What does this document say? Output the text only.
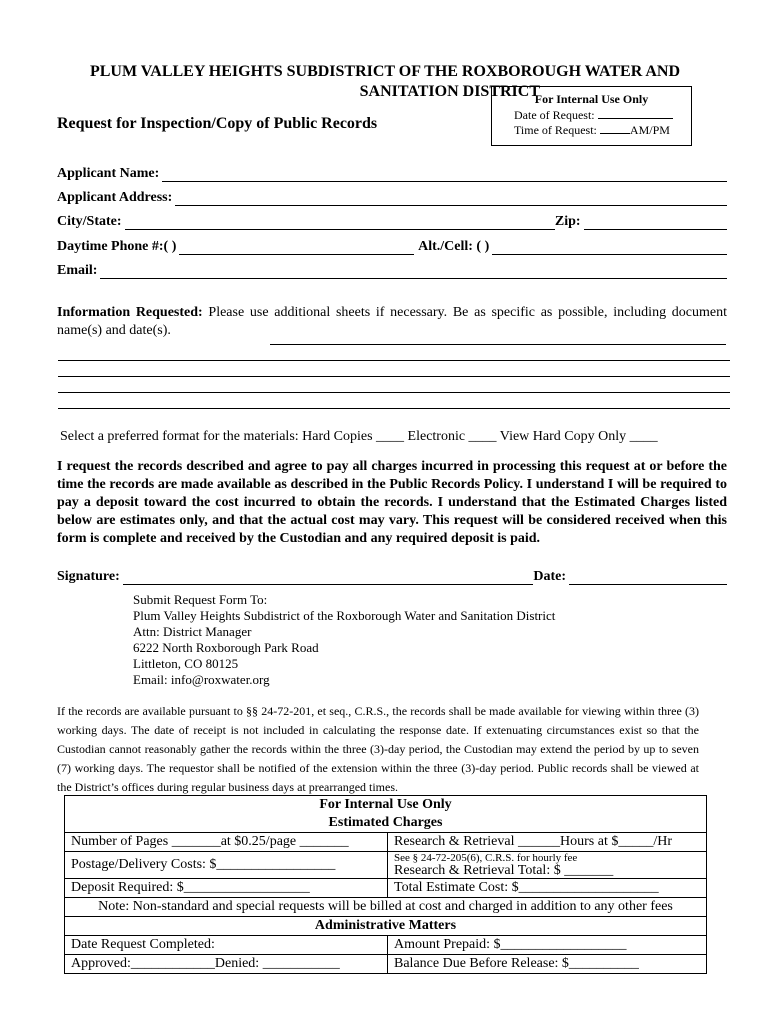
PLUM VALLEY HEIGHTS SUBDISTRICT OF THE ROXBOROUGH WATER AND
SANITATION DISTRICT
Request for Inspection/Copy of Public Records
For Internal Use Only
Date of Request:
Time of Request:	AM/PM
Applicant Name:
Applicant Address:
City/State:	Zip:
Daytime Phone #:( )	Alt./Cell: ( )
Email:
Information Requested: Please use additional sheets if necessary. Be as specific as possible, including document name(s) and date(s).
Select a preferred format for the materials: Hard Copies ____ Electronic ____ View Hard Copy Only ____
I request the records described and agree to pay all charges incurred in processing this request at or before the time the records are made available as described in the Public Records Policy. I understand I will be required to pay a deposit toward the cost incurred to obtain the records. I understand that the Estimated Charges listed below are estimates only, and that the actual cost may vary. This request will be considered received when this form is complete and received by the Custodian and any required deposit is paid.
Signature:	Date:
Submit Request Form To:
Plum Valley Heights Subdistrict of the Roxborough Water and Sanitation District
Attn: District Manager
6222 North Roxborough Park Road
Littleton, CO 80125
Email: info@roxwater.org
If the records are available pursuant to §§ 24-72-201, et seq., C.R.S., the records shall be made available for viewing within three (3) working days. The date of receipt is not included in calculating the response date. If extenuating circumstances exist so that the Custodian cannot reasonably gather the records within the three (3)-day period, the Custodian may extend the period by up to seven (7) working days. The requestor shall be notified of the extension within the three (3)-day period. Public records shall be viewed at the District’s offices during regular business days at prearranged times.
For Internal Use Only	
Estimated Charges	
Number of Pages _______at $0.25/page _______	Research & Retrieval ______Hours at $_____/Hr
Postage/Delivery Costs: $_________________	See § 24-72-205(6), C.R.S. for hourly fee
Research & Retrieval Total: $ _______
Deposit Required: $__________________	Total Estimate Cost: $____________________
Note: Non-standard and special requests will be billed at cost and charged in addition to any other fees	
Administrative Matters	
Date Request Completed:	Amount Prepaid: $__________________
Approved:____________Denied: ___________	Balance Due Before Release: $__________
